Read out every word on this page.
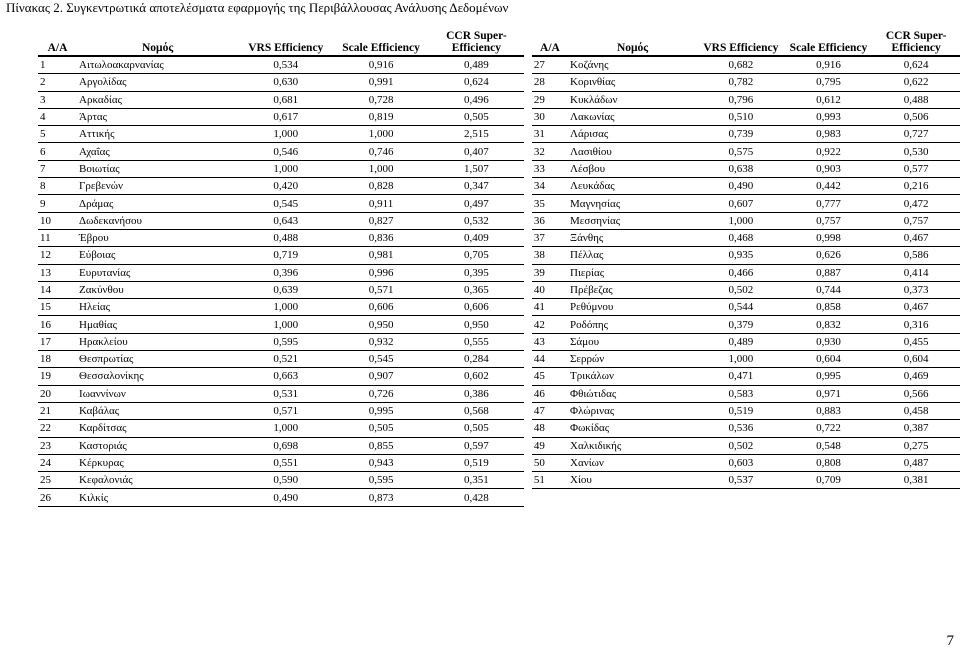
Πίνακας 2. Συγκεντρωτικά αποτελέσματα εφαρμογής της Περιβάλλουσας Ανάλυσης Δεδομένων
Α/Α	Νομός	VRS Efficiency	Scale Efficiency	CCR Super-Efficiency		Α/Α	Νομός	VRS Efficiency	Scale Efficiency	CCR Super-Efficiency
1	Αιτωλοακαρνανίας	0,534	0,916	0,489		27	Κοζάνης	0,682	0,916	0,624
2	Αργολίδας	0,630	0,991	0,624		28	Κορινθίας	0,782	0,795	0,622
3	Αρκαδίας	0,681	0,728	0,496		29	Κυκλάδων	0,796	0,612	0,488
4	Άρτας	0,617	0,819	0,505		30	Λακωνίας	0,510	0,993	0,506
5	Αττικής	1,000	1,000	2,515		31	Λάρισας	0,739	0,983	0,727
6	Αχαΐας	0,546	0,746	0,407		32	Λασιθίου	0,575	0,922	0,530
7	Βοιωτίας	1,000	1,000	1,507		33	Λέσβου	0,638	0,903	0,577
8	Γρεβενών	0,420	0,828	0,347		34	Λευκάδας	0,490	0,442	0,216
9	Δράμας	0,545	0,911	0,497		35	Μαγνησίας	0,607	0,777	0,472
10	Δωδεκανήσου	0,643	0,827	0,532		36	Μεσσηνίας	1,000	0,757	0,757
11	Έβρου	0,488	0,836	0,409		37	Ξάνθης	0,468	0,998	0,467
12	Εύβοιας	0,719	0,981	0,705		38	Πέλλας	0,935	0,626	0,586
13	Ευρυτανίας	0,396	0,996	0,395		39	Πιερίας	0,466	0,887	0,414
14	Ζακύνθου	0,639	0,571	0,365		40	Πρέβεζας	0,502	0,744	0,373
15	Ηλείας	1,000	0,606	0,606		41	Ρεθύμνου	0,544	0,858	0,467
16	Ημαθίας	1,000	0,950	0,950		42	Ροδόπης	0,379	0,832	0,316
17	Ηρακλείου	0,595	0,932	0,555		43	Σάμου	0,489	0,930	0,455
18	Θεσπρωτίας	0,521	0,545	0,284		44	Σερρών	1,000	0,604	0,604
19	Θεσσαλονίκης	0,663	0,907	0,602		45	Τρικάλων	0,471	0,995	0,469
20	Ιωαννίνων	0,531	0,726	0,386		46	Φθιώτιδας	0,583	0,971	0,566
21	Καβάλας	0,571	0,995	0,568		47	Φλώρινας	0,519	0,883	0,458
22	Καρδίτσας	1,000	0,505	0,505		48	Φωκίδας	0,536	0,722	0,387
23	Καστοριάς	0,698	0,855	0,597		49	Χαλκιδικής	0,502	0,548	0,275
24	Κέρκυρας	0,551	0,943	0,519		50	Χανίων	0,603	0,808	0,487
25	Κεφαλονιάς	0,590	0,595	0,351		51	Χίου	0,537	0,709	0,381
26	Κιλκίς	0,490	0,873	0,428						
7
